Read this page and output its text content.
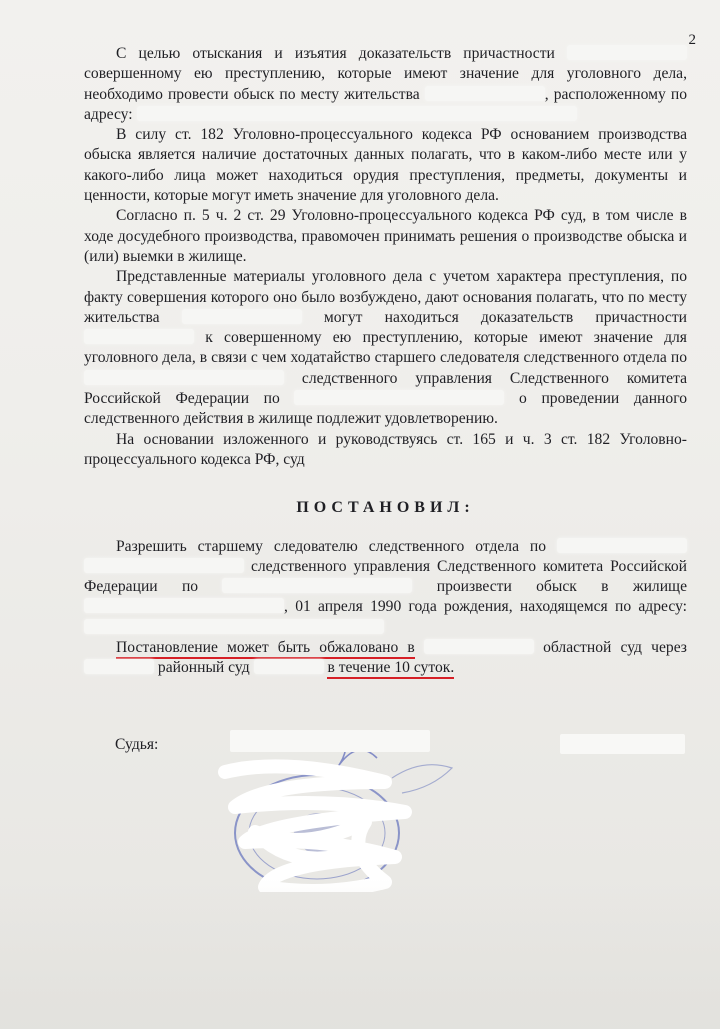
2

С целью отыскания и изъятия доказательств причастности  совершенному ею преступлению, которые имеют значение для уголовного дела, необходимо провести обыск по месту жительства	, расположенному по адресу:

В силу ст. 182 Уголовно-процессуального кодекса РФ основанием производства обыска является наличие достаточных данных полагать, что в каком-либо месте или у какого-либо лица может находиться орудия преступления, предметы, документы и ценности, которые могут иметь значение для уголовного дела.

Согласно п. 5 ч. 2 ст. 29 Уголовно-процессуального кодекса РФ суд, в том числе в ходе досудебного производства, правомочен принимать решения о производстве обыска и (или) выемки в жилище.

Представленные материалы уголовного дела с учетом характера преступления, по факту совершения которого оно было возбуждено, дают основания полагать, что по месту жительства	могут находиться доказательств причастности  к совершенному ею преступлению, которые имеют значение для уголовного дела, в связи с чем ходатайство старшего следователя следственного отдела по  следственного управления Следственного комитета Российской Федерации по	о проведении данного следственного действия в жилище подлежит удовлетворению.

На основании изложенного и руководствуясь ст. 165 и ч. 3 ст. 182 Уголовно-процессуального кодекса РФ, суд

ПОСТАНОВИЛ:

Разрешить старшему следователю следственного отдела по   следственного управления Следственного комитета Российской Федерации по	произвести обыск в жилище , 01 апреля 1990 года рождения, находящемся по адресу:

Постановление может быть обжаловано в	областной суд через  районный суд	в течение 10 суток.

Судья:
